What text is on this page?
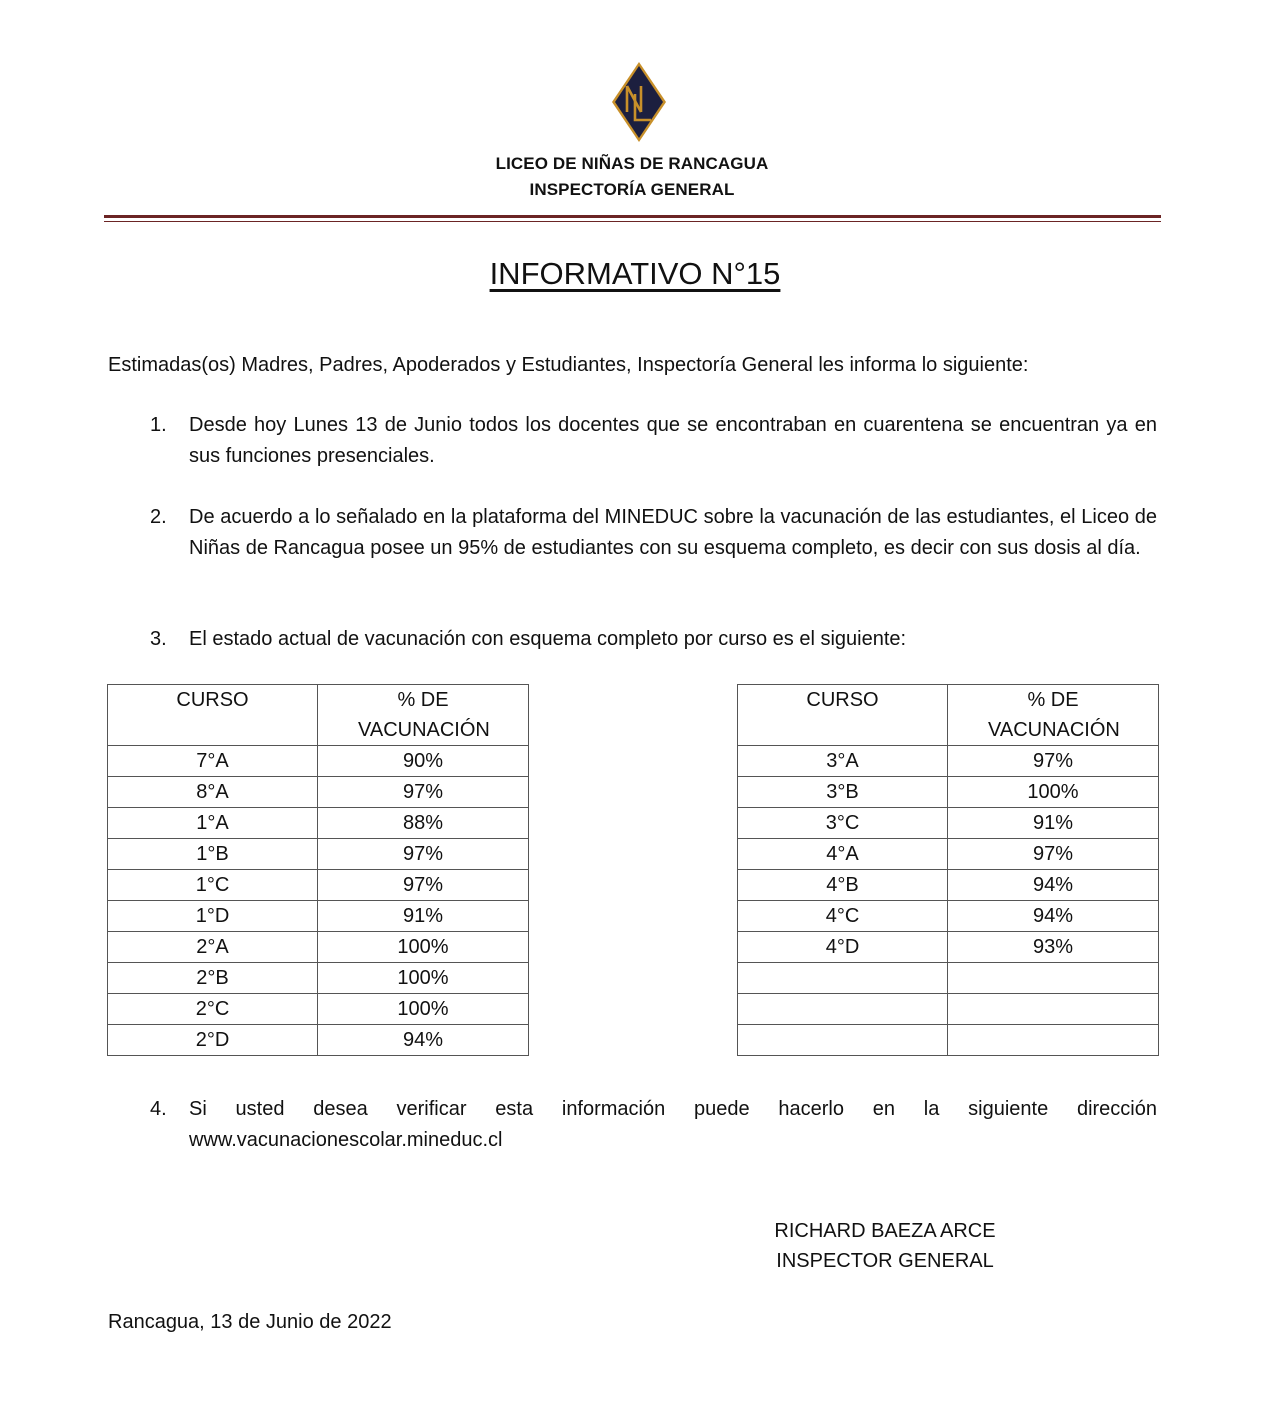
LICEO DE NIÑAS DE RANCAGUA
INSPECTORÍA GENERAL
INFORMATIVO N°15
Estimadas(os) Madres, Padres, Apoderados y Estudiantes, Inspectoría General les informa lo siguiente:
1. Desde hoy Lunes 13 de Junio todos los docentes que se encontraban en cuarentena se encuentran ya en sus funciones presenciales.
2. De acuerdo a lo señalado en la plataforma del MINEDUC sobre la vacunación de las estudiantes, el Liceo de Niñas de Rancagua posee un 95% de estudiantes con su esquema completo, es decir con sus dosis al día.
3. El estado actual de vacunación con esquema completo por curso es el siguiente:
CURSO	% DE VACUNACIÓN
7°A	90%
8°A	97%
1°A	88%
1°B	97%
1°C	97%
1°D	91%
2°A	100%
2°B	100%
2°C	100%
2°D	94%
CURSO	% DE VACUNACIÓN
3°A	97%
3°B	100%
3°C	91%
4°A	97%
4°B	94%
4°C	94%
4°D	93%

4. Si usted desea verificar esta información puede hacerlo en la siguiente dirección
www.vacunacionescolar.mineduc.cl
RICHARD BAEZA ARCE
INSPECTOR GENERAL
Rancagua, 13 de Junio de 2022
